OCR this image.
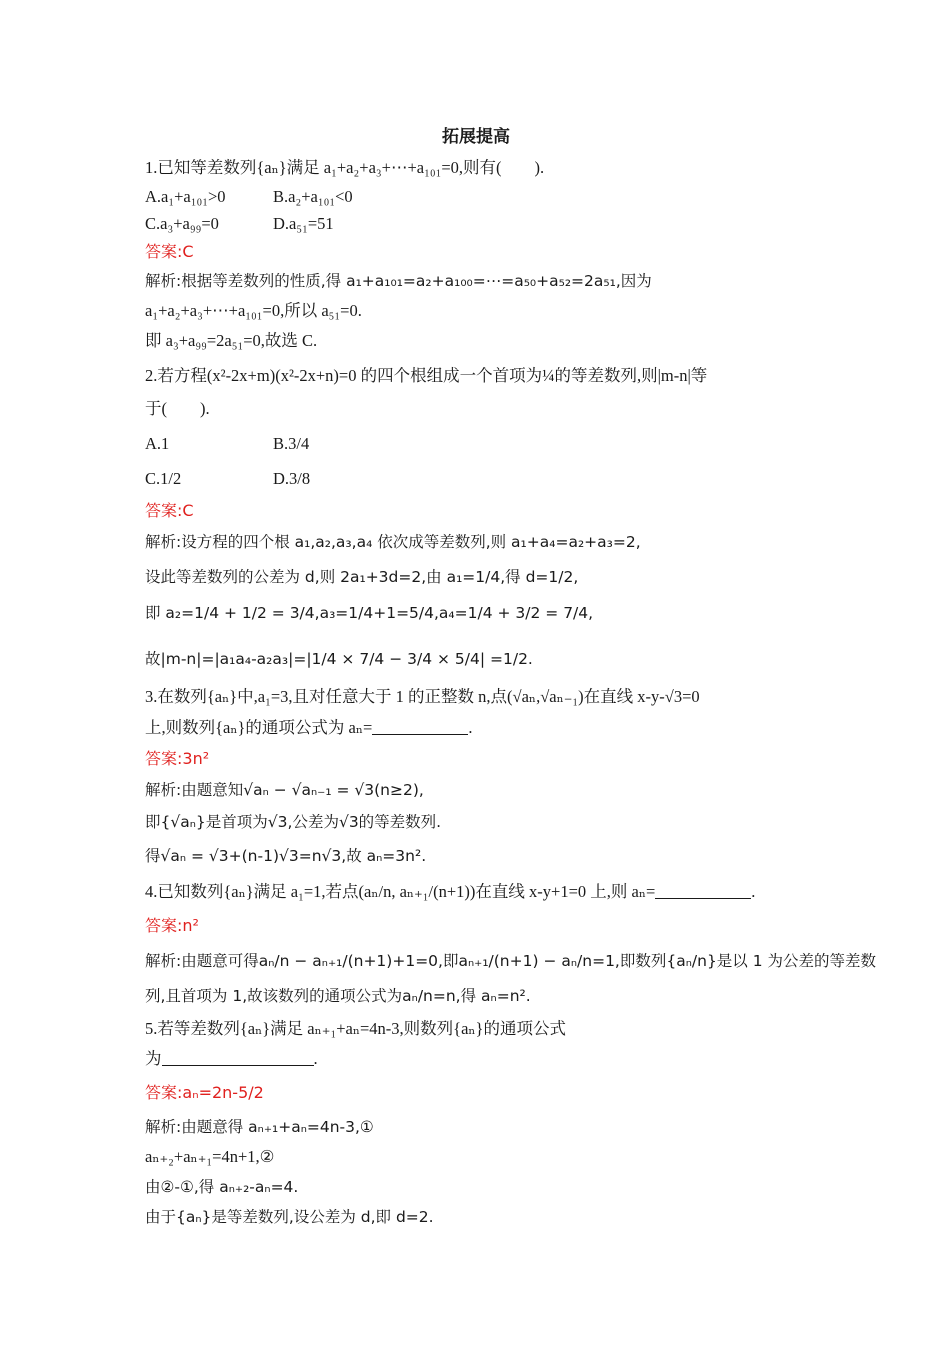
拓展提高
1.已知等差数列{aₙ}满足 a₁+a₂+a₃+⋯+a₁₀₁=0,则有(　　).
A.a₁+a₁₀₁>0	B.a₂+a₁₀₁<0
C.a₃+a₉₉=0	D.a₅₁=51
答案:C
解析:根据等差数列的性质,得 a₁+a₁₀₁=a₂+a₁₀₀=⋯=a₅₀+a₅₂=2a₅₁,因为
a₁+a₂+a₃+⋯+a₁₀₁=0,所以 a₅₁=0.
即 a₃+a₉₉=2a₅₁=0,故选 C.
2.若方程(x²-2x+m)(x²-2x+n)=0 的四个根组成一个首项为¼的等差数列,则|m-n|等
于(　　).
A.1	B.3/4
C.1/2	D.3/8
答案:C
解析:设方程的四个根 a₁,a₂,a₃,a₄ 依次成等差数列,则 a₁+a₄=a₂+a₃=2,
设此等差数列的公差为 d,则 2a₁+3d=2,由 a₁=1/4,得 d=1/2,
即 a₂=1/4 + 1/2 = 3/4,a₃=1/4+1=5/4,a₄=1/4 + 3/2 = 7/4,
故|m-n|=|a₁a₄-a₂a₃|=|1/4 × 7/4 − 3/4 × 5/4| =1/2.
3.在数列{aₙ}中,a₁=3,且对任意大于 1 的正整数 n,点(√aₙ,√aₙ₋₁)在直线 x-y-√3=0
上,则数列{aₙ}的通项公式为 aₙ=	.
答案:3n²
解析:由题意知√aₙ − √aₙ₋₁ = √3(n≥2),
即{√aₙ}是首项为√3,公差为√3的等差数列.
得√aₙ = √3+(n-1)√3=n√3,故 aₙ=3n².
4.已知数列{aₙ}满足 a₁=1,若点(aₙ/n, aₙ₊₁/(n+1))在直线 x-y+1=0 上,则 aₙ=	.
答案:n²
解析:由题意可得aₙ/n − aₙ₊₁/(n+1)+1=0,即aₙ₊₁/(n+1) − aₙ/n=1,即数列{aₙ/n}是以 1 为公差的等差数
列,且首项为 1,故该数列的通项公式为aₙ/n=n,得 aₙ=n².
5.若等差数列{aₙ}满足 aₙ₊₁+aₙ=4n-3,则数列{aₙ}的通项公式
为	.
答案:aₙ=2n-5/2
解析:由题意得 aₙ₊₁+aₙ=4n-3,①
aₙ₊₂+aₙ₊₁=4n+1,②
由②-①,得 aₙ₊₂-aₙ=4.
由于{aₙ}是等差数列,设公差为 d,即 d=2.
